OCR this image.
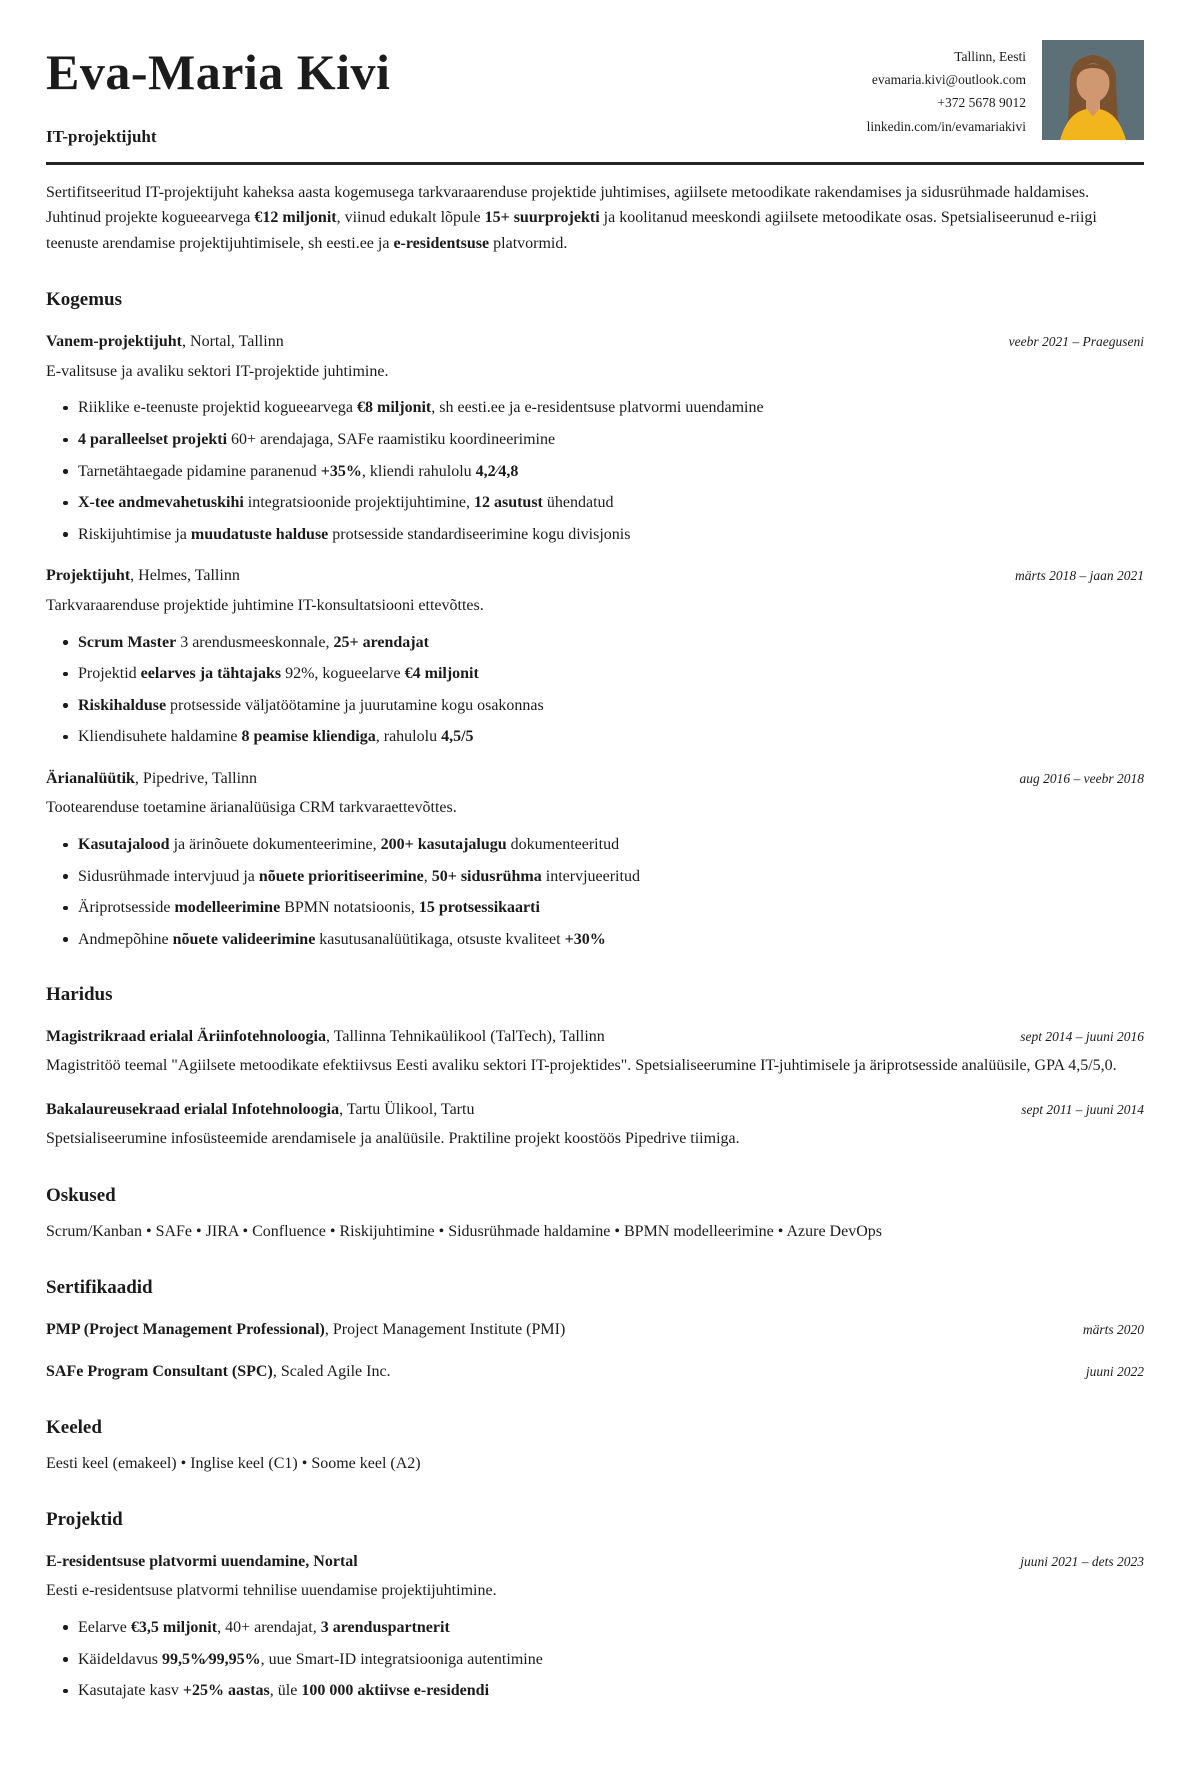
Eva-Maria Kivi
IT-projektijuht
Tallinn, Eesti
evamaria.kivi@outlook.com
+372 5678 9012
linkedin.com/in/evamariakivi

Sertifitseeritud IT-projektijuht kaheksa aasta kogemusega tarkvaraarenduse projektide juhtimises, agiilsete metoodikate rakendamises ja sidusrühmade haldamises. Juhtinud projekte kogueearvega €12 miljonit, viinud edukalt lõpule 15+ suurprojekti ja koolitanud meeskondi agiilsete metoodikate osas. Spetsialiseerunud e-riigi teenuste arendamise projektijuhtimisele, sh eesti.ee ja e-residentsuse platvormid.

Kogemus
Vanem-projektijuht, Nortal, Tallinn	veebr 2021 – Praeguseni

E-valitsuse ja avaliku sektori IT-projektide juhtimine.

Riiklike e-teenuste projektid kogueearvega €8 miljonit, sh eesti.ee ja e-residentsuse platvormi uuendamine
4 paralleelset projekti 60+ arendajaga, SAFe raamistiku koordineerimine
Tarnetähtaegade pidamine paranenud +35%, kliendi rahulolu 4,2⁄4,8
X-tee andmevahetuskihi integratsioonide projektijuhtimine, 12 asutust ühendatud
Riskijuhtimise ja muudatuste halduse protsesside standardiseerimine kogu divisjonis
Projektijuht, Helmes, Tallinn	märts 2018 – jaan 2021

Tarkvaraarenduse projektide juhtimine IT-konsultatsiooni ettevõttes.

Scrum Master 3 arendusmeeskonnale, 25+ arendajat
Projektid eelarves ja tähtajaks 92%, kogueelarve €4 miljonit
Riskihalduse protsesside väljatöötamine ja juurutamine kogu osakonnas
Kliendisuhete haldamine 8 peamise kliendiga, rahulolu 4,5/5
Ärianalüütik, Pipedrive, Tallinn	aug 2016 – veebr 2018

Tootearenduse toetamine ärianalüüsiga CRM tarkvaraettevõttes.

Kasutajalood ja ärinõuete dokumenteerimine, 200+ kasutajalugu dokumenteeritud
Sidusrühmade intervjuud ja nõuete prioritiseerimine, 50+ sidusrühma intervjueeritud
Äriprotsesside modelleerimine BPMN notatsioonis, 15 protsessikaarti
Andmepõhine nõuete valideerimine kasutusanalüütikaga, otsuste kvaliteet +30%
Haridus
Magistrikraad erialal Äriinfotehnoloogia, Tallinna Tehnikaülikool (TalTech), Tallinn	sept 2014 – juuni 2016

Magistritöö teemal "Agiilsete metoodikate efektiivsus Eesti avaliku sektori IT-projektides". Spetsialiseerumine IT-juhtimisele ja äriprotsesside analüüsile, GPA 4,5/5,0.

Bakalaureusekraad erialal Infotehnoloogia, Tartu Ülikool, Tartu	sept 2011 – juuni 2014

Spetsialiseerumine infosüsteemide arendamisele ja analüüsile. Praktiline projekt koostöös Pipedrive tiimiga.

Oskused

Scrum/Kanban • SAFe • JIRA • Confluence • Riskijuhtimine • Sidusrühmade haldamine • BPMN modelleerimine • Azure DevOps

Sertifikaadid
PMP (Project Management Professional), Project Management Institute (PMI)	märts 2020
SAFe Program Consultant (SPC), Scaled Agile Inc.	juuni 2022
Keeled

Eesti keel (emakeel) • Inglise keel (C1) • Soome keel (A2)

Projektid
E-residentsuse platvormi uuendamine, Nortal	juuni 2021 – dets 2023

Eesti e-residentsuse platvormi tehnilise uuendamise projektijuhtimine.

Eelarve €3,5 miljonit, 40+ arendajat, 3 arenduspartnerit
Käideldavus 99,5%⁄99,95%, uue Smart-ID integratsiooniga autentimine
Kasutajate kasv +25% aastas, üle 100 000 aktiivse e-residendi
